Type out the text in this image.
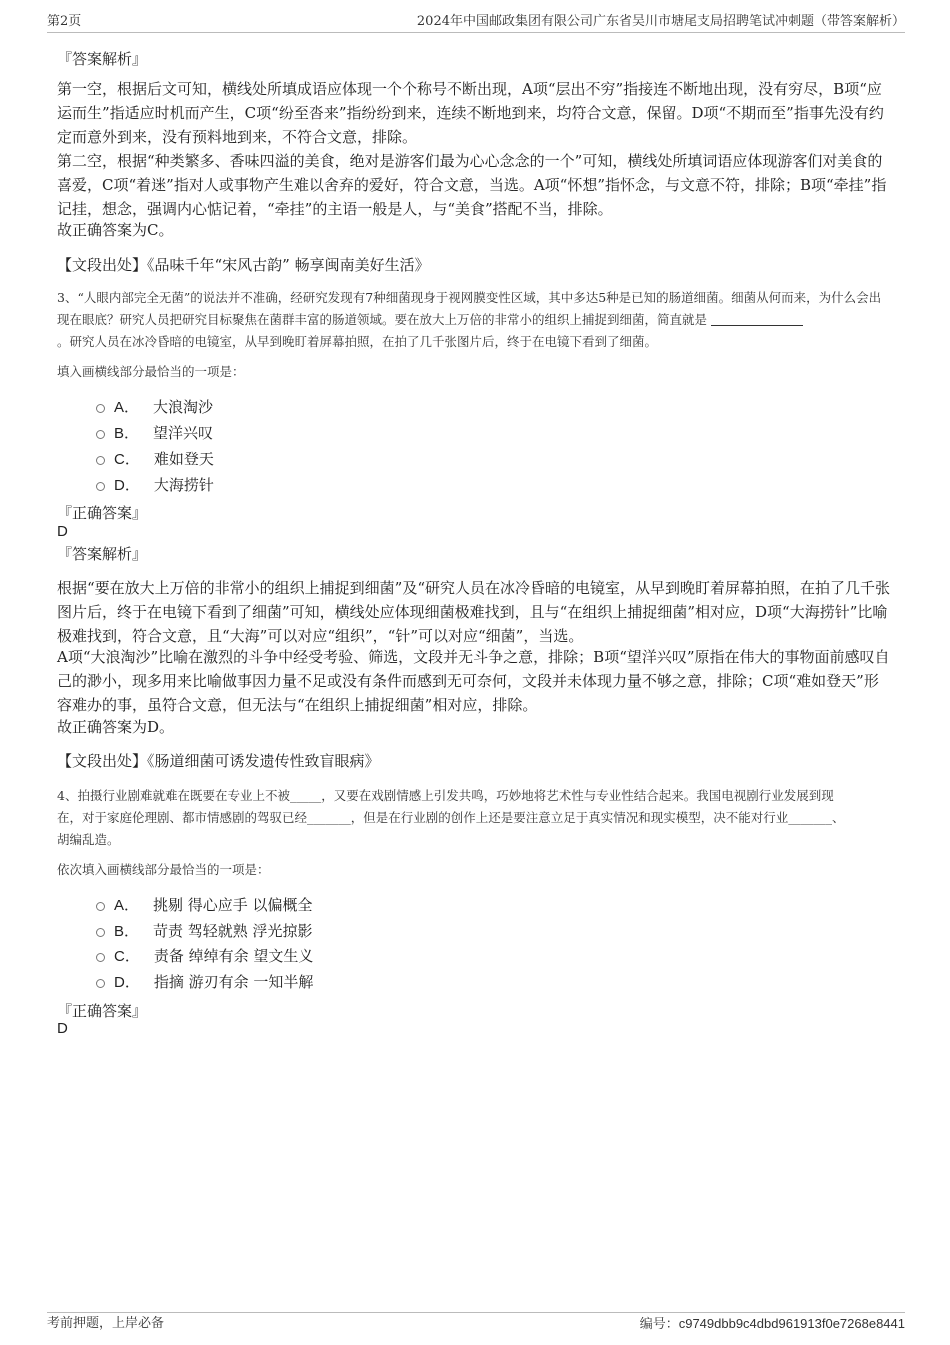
第2页	2024年中国邮政集团有限公司广东省吴川市塘尾支局招聘笔试冲刺题（带答案解析）
『答案解析』
第一空，根据后文可知，横线处所填成语应体现一个个称号不断出现，A项“层出不穷”指接连不断地出现，没有穷尽，B项“应运而生”指适应时机而产生，C项“纷至沓来”指纷纷到来，连续不断地到来，均符合文意，保留。D项“不期而至”指事先没有约定而意外到来，没有预料地到来，不符合文意，排除。
第二空，根据“种类繁多、香味四溢的美食，绝对是游客们最为心心念念的一个”可知，横线处所填词语应体现游客们对美食的喜爱，C项“着迷”指对人或事物产生难以舍弃的爱好，符合文意，当选。A项“怀想”指怀念，与文意不符，排除；B项“牵挂”指记挂，想念，强调内心惦记着，“牵挂”的主语一般是人，与“美食”搭配不当，排除。
故正确答案为C。
【文段出处】《品味千年“宋风古韵” 畅享闽南美好生活》
3、“人眼内部完全无菌”的说法并不准确，经研究发现有7种细菌现身于视网膜变性区域，其中多达5种是已知的肠道细菌。细菌从何而来，为什么会出现在眼底？研究人员把研究目标聚焦在菌群丰富的肠道领域。要在放大上万倍的非常小的组织上捕捉到细菌，简直就是
。研究人员在冰冷昏暗的电镜室，从早到晚盯着屏幕拍照，在拍了几千张图片后，终于在电镜下看到了细菌。
填入画横线部分最恰当的一项是：
A． 大浪淘沙
B． 望洋兴叹
C． 难如登天
D． 大海捞针
『正确答案』
D
『答案解析』
根据“要在放大上万倍的非常小的组织上捕捉到细菌”及“研究人员在冰冷昏暗的电镜室，从早到晚盯着屏幕拍照，在拍了几千张图片后，终于在电镜下看到了细菌”可知，横线处应体现细菌极难找到，且与“在组织上捕捉细菌”相对应，D项“大海捞针”比喻极难找到，符合文意，且“大海”可以对应“组织”，“针”可以对应“细菌”，当选。
A项“大浪淘沙”比喻在激烈的斗争中经受考验、筛选，文段并无斗争之意，排除；B项“望洋兴叹”原指在伟大的事物面前感叹自己的渺小，现多用来比喻做事因力量不足或没有条件而感到无可奈何，文段并未体现力量不够之意，排除；C项“难如登天”形容难办的事，虽符合文意，但无法与“在组织上捕捉细菌”相对应，排除。
故正确答案为D。
【文段出处】《肠道细菌可诱发遗传性致盲眼病》
4、拍摄行业剧难就难在既要在专业上不被_____，又要在戏剧情感上引发共鸣，巧妙地将艺术性与专业性结合起来。我国电视剧行业发展到现
在，对于家庭伦理剧、都市情感剧的驾驭已经_______，但是在行业剧的创作上还是要注意立足于真实情况和现实模型，决不能对行业_______、
胡编乱造。
依次填入画横线部分最恰当的一项是：
A． 挑剔 得心应手 以偏概全
B． 苛责 驾轻就熟 浮光掠影
C． 责备 绰绰有余 望文生义
D． 指摘 游刃有余 一知半解
『正确答案』
D
考前押题，上岸必备	编号：c9749dbb9c4dbd961913f0e7268e8441
